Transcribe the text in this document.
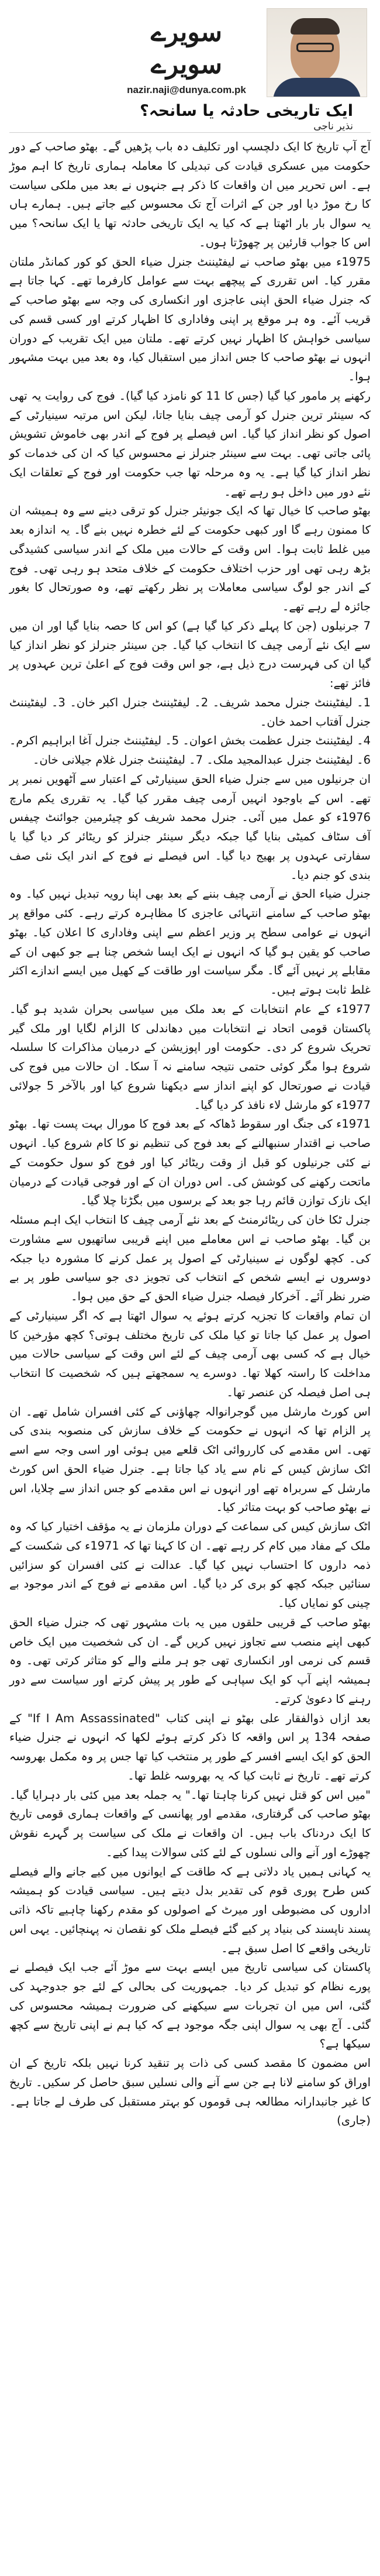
سویرے سویرے
nazir.naji@dunya.com.pk
ایک تاریخی حادثہ یا سانحہ؟
نذیر ناجی

آج آپ تاریخ کا ایک دلچسپ اور تکلیف دہ باب پڑھیں گے۔ بھٹو صاحب کے دور حکومت میں عسکری قیادت کی تبدیلی کا معاملہ ہماری تاریخ کا اہم موڑ ہے۔ اس تحریر میں ان واقعات کا ذکر ہے جنہوں نے بعد میں ملکی سیاست کا رخ موڑ دیا اور جن کے اثرات آج تک محسوس کیے جاتے ہیں۔ ہمارے ہاں یہ سوال بار بار اٹھتا ہے کہ کیا یہ ایک تاریخی حادثہ تھا یا ایک سانحہ؟ میں اس کا جواب قارئین پر چھوڑتا ہوں۔

1975ء میں بھٹو صاحب نے لیفٹیننٹ جنرل ضیاء الحق کو کور کمانڈر ملتان مقرر کیا۔ اس تقرری کے پیچھے بہت سے عوامل کارفرما تھے۔ کہا جاتا ہے کہ جنرل ضیاء الحق اپنی عاجزی اور انکساری کی وجہ سے بھٹو صاحب کے قریب آئے۔ وہ ہر موقع پر اپنی وفاداری کا اظہار کرتے اور کسی قسم کی سیاسی خواہش کا اظہار نہیں کرتے تھے۔ ملتان میں ایک تقریب کے دوران انہوں نے بھٹو صاحب کا جس انداز میں استقبال کیا، وہ بعد میں بہت مشہور ہوا۔

رکھنے پر مامور کیا گیا (جس کا 11 کو نامزد کیا گیا)۔ فوج کی روایت یہ تھی کہ سینئر ترین جنرل کو آرمی چیف بنایا جاتا، لیکن اس مرتبہ سینیارٹی کے اصول کو نظر انداز کیا گیا۔ اس فیصلے پر فوج کے اندر بھی خاموش تشویش پائی جاتی تھی۔ بہت سے سینئر جنرلز نے محسوس کیا کہ ان کی خدمات کو نظر انداز کیا گیا ہے۔ یہ وہ مرحلہ تھا جب حکومت اور فوج کے تعلقات ایک نئے دور میں داخل ہو رہے تھے۔

بھٹو صاحب کا خیال تھا کہ ایک جونیئر جنرل کو ترقی دینے سے وہ ہمیشہ ان کا ممنون رہے گا اور کبھی حکومت کے لئے خطرہ نہیں بنے گا۔ یہ اندازہ بعد میں غلط ثابت ہوا۔ اس وقت کے حالات میں ملک کے اندر سیاسی کشیدگی بڑھ رہی تھی اور حزب اختلاف حکومت کے خلاف متحد ہو رہی تھی۔ فوج کے اندر جو لوگ سیاسی معاملات پر نظر رکھتے تھے، وہ صورتحال کا بغور جائزہ لے رہے تھے۔

7 جرنیلوں (جن کا پہلے ذکر کیا گیا ہے) کو اس کا حصہ بنایا گیا اور ان میں سے ایک نئے آرمی چیف کا انتخاب کیا گیا۔ جن سینئر جنرلز کو نظر انداز کیا گیا ان کی فہرست درج ذیل ہے، جو اس وقت فوج کے اعلیٰ ترین عہدوں پر فائز تھے:

1۔ لیفٹیننٹ جنرل محمد شریف۔ 2۔ لیفٹیننٹ جنرل اکبر خان۔ 3۔ لیفٹیننٹ جنرل آفتاب احمد خان۔

4۔ لیفٹیننٹ جنرل عظمت بخش اعوان۔ 5۔ لیفٹیننٹ جنرل آغا ابراہیم اکرم۔ 6۔ لیفٹیننٹ جنرل عبدالمجید ملک۔ 7۔ لیفٹیننٹ جنرل غلام جیلانی خان۔

ان جرنیلوں میں سے جنرل ضیاء الحق سینیارٹی کے اعتبار سے آٹھویں نمبر پر تھے۔ اس کے باوجود انہیں آرمی چیف مقرر کیا گیا۔ یہ تقرری یکم مارچ 1976ء کو عمل میں آئی۔ جنرل محمد شریف کو چیئرمین جوائنٹ چیفس آف سٹاف کمیٹی بنایا گیا جبکہ دیگر سینئر جنرلز کو ریٹائر کر دیا گیا یا سفارتی عہدوں پر بھیج دیا گیا۔ اس فیصلے نے فوج کے اندر ایک نئی صف بندی کو جنم دیا۔

جنرل ضیاء الحق نے آرمی چیف بننے کے بعد بھی اپنا رویہ تبدیل نہیں کیا۔ وہ بھٹو صاحب کے سامنے انتہائی عاجزی کا مظاہرہ کرتے رہے۔ کئی مواقع پر انہوں نے عوامی سطح پر وزیر اعظم سے اپنی وفاداری کا اعلان کیا۔ بھٹو صاحب کو یقین ہو گیا کہ انہوں نے ایک ایسا شخص چنا ہے جو کبھی ان کے مقابلے پر نہیں آئے گا۔ مگر سیاست اور طاقت کے کھیل میں ایسے اندازے اکثر غلط ثابت ہوتے ہیں۔

1977ء کے عام انتخابات کے بعد ملک میں سیاسی بحران شدید ہو گیا۔ پاکستان قومی اتحاد نے انتخابات میں دھاندلی کا الزام لگایا اور ملک گیر تحریک شروع کر دی۔ حکومت اور اپوزیشن کے درمیان مذاکرات کا سلسلہ شروع ہوا مگر کوئی حتمی نتیجہ سامنے نہ آ سکا۔ ان حالات میں فوج کی قیادت نے صورتحال کو اپنے انداز سے دیکھنا شروع کیا اور بالآخر 5 جولائی 1977ء کو مارشل لاء نافذ کر دیا گیا۔

1971ء کی جنگ اور سقوط ڈھاکہ کے بعد فوج کا مورال بہت پست تھا۔ بھٹو صاحب نے اقتدار سنبھالنے کے بعد فوج کی تنظیم نو کا کام شروع کیا۔ انہوں نے کئی جرنیلوں کو قبل از وقت ریٹائر کیا اور فوج کو سول حکومت کے ماتحت رکھنے کی کوشش کی۔ اس دوران ان کے اور فوجی قیادت کے درمیان ایک نازک توازن قائم رہا جو بعد کے برسوں میں بگڑتا چلا گیا۔

جنرل ٹکا خان کی ریٹائرمنٹ کے بعد نئے آرمی چیف کا انتخاب ایک اہم مسئلہ بن گیا۔ بھٹو صاحب نے اس معاملے میں اپنے قریبی ساتھیوں سے مشاورت کی۔ کچھ لوگوں نے سینیارٹی کے اصول پر عمل کرنے کا مشورہ دیا جبکہ دوسروں نے ایسے شخص کے انتخاب کی تجویز دی جو سیاسی طور پر بے ضرر نظر آئے۔ آخرکار فیصلہ جنرل ضیاء الحق کے حق میں ہوا۔

ان تمام واقعات کا تجزیہ کرتے ہوئے یہ سوال اٹھتا ہے کہ اگر سینیارٹی کے اصول پر عمل کیا جاتا تو کیا ملک کی تاریخ مختلف ہوتی؟ کچھ مؤرخین کا خیال ہے کہ کسی بھی آرمی چیف کے لئے اس وقت کے سیاسی حالات میں مداخلت کا راستہ کھلا تھا۔ دوسرے یہ سمجھتے ہیں کہ شخصیت کا انتخاب ہی اصل فیصلہ کن عنصر تھا۔

اس کورٹ مارشل میں گوجرانوالہ چھاؤنی کے کئی افسران شامل تھے۔ ان پر الزام تھا کہ انہوں نے حکومت کے خلاف سازش کی منصوبہ بندی کی تھی۔ اس مقدمے کی کارروائی اٹک قلعے میں ہوئی اور اسی وجہ سے اسے اٹک سازش کیس کے نام سے یاد کیا جاتا ہے۔ جنرل ضیاء الحق اس کورٹ مارشل کے سربراہ تھے اور انہوں نے اس مقدمے کو جس انداز سے چلایا، اس نے بھٹو صاحب کو بہت متاثر کیا۔

اٹک سازش کیس کی سماعت کے دوران ملزمان نے یہ مؤقف اختیار کیا کہ وہ ملک کے مفاد میں کام کر رہے تھے۔ ان کا کہنا تھا کہ 1971ء کی شکست کے ذمہ داروں کا احتساب نہیں کیا گیا۔ عدالت نے کئی افسران کو سزائیں سنائیں جبکہ کچھ کو بری کر دیا گیا۔ اس مقدمے نے فوج کے اندر موجود بے چینی کو نمایاں کیا۔

بھٹو صاحب کے قریبی حلقوں میں یہ بات مشہور تھی کہ جنرل ضیاء الحق کبھی اپنے منصب سے تجاوز نہیں کریں گے۔ ان کی شخصیت میں ایک خاص قسم کی نرمی اور انکساری تھی جو ہر ملنے والے کو متاثر کرتی تھی۔ وہ ہمیشہ اپنے آپ کو ایک سپاہی کے طور پر پیش کرتے اور سیاست سے دور رہنے کا دعویٰ کرتے۔

بعد ازاں ذوالفقار علی بھٹو نے اپنی کتاب "If I Am Assassinated" کے صفحہ 134 پر اس واقعہ کا ذکر کرتے ہوئے لکھا کہ انہوں نے جنرل ضیاء الحق کو ایک ایسے افسر کے طور پر منتخب کیا تھا جس پر وہ مکمل بھروسہ کرتے تھے۔ تاریخ نے ثابت کیا کہ یہ بھروسہ غلط تھا۔

"میں اس کو قتل نہیں کرنا چاہتا تھا۔" یہ جملہ بعد میں کئی بار دہرایا گیا۔ بھٹو صاحب کی گرفتاری، مقدمے اور پھانسی کے واقعات ہماری قومی تاریخ کا ایک دردناک باب ہیں۔ ان واقعات نے ملک کی سیاست پر گہرے نقوش چھوڑے اور آنے والی نسلوں کے لئے کئی سوالات پیدا کیے۔

یہ کہانی ہمیں یاد دلاتی ہے کہ طاقت کے ایوانوں میں کیے جانے والے فیصلے کس طرح پوری قوم کی تقدیر بدل دیتے ہیں۔ سیاسی قیادت کو ہمیشہ اداروں کی مضبوطی اور میرٹ کے اصولوں کو مقدم رکھنا چاہیے تاکہ ذاتی پسند ناپسند کی بنیاد پر کیے گئے فیصلے ملک کو نقصان نہ پہنچائیں۔ یہی اس تاریخی واقعے کا اصل سبق ہے۔

پاکستان کی سیاسی تاریخ میں ایسے بہت سے موڑ آئے جب ایک فیصلے نے پورے نظام کو تبدیل کر دیا۔ جمہوریت کی بحالی کے لئے جو جدوجہد کی گئی، اس میں ان تجربات سے سیکھنے کی ضرورت ہمیشہ محسوس کی گئی۔ آج بھی یہ سوال اپنی جگہ موجود ہے کہ کیا ہم نے اپنی تاریخ سے کچھ سیکھا ہے؟

اس مضمون کا مقصد کسی کی ذات پر تنقید کرنا نہیں بلکہ تاریخ کے ان اوراق کو سامنے لانا ہے جن سے آنے والی نسلیں سبق حاصل کر سکیں۔ تاریخ کا غیر جانبدارانہ مطالعہ ہی قوموں کو بہتر مستقبل کی طرف لے جاتا ہے۔ (جاری)
